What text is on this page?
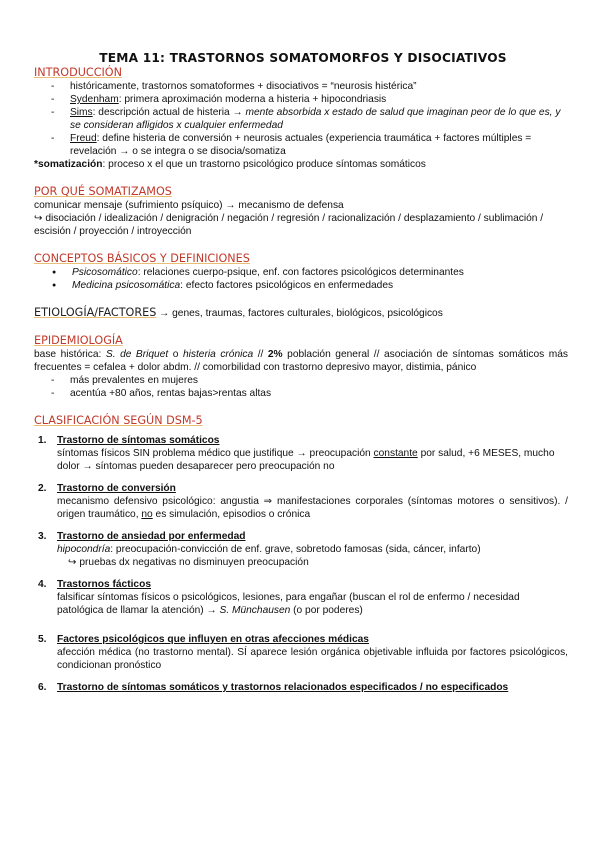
TEMA 11: TRASTORNOS SOMATOMORFOS Y DISOCIATIVOS
INTRODUCCIÓN
- históricamente, trastornos somatoformes + disociativos = “neurosis histérica”
- Sydenham: primera aproximación moderna a histeria + hipocondriasis
- Sims: descripción actual de histeria → mente absorbida x estado de salud que imaginan peor de lo que es, y se consideran afligidos x cualquier enfermedad
- Freud: define histeria de conversión + neurosis actuales (experiencia traumática + factores múltiples = revelación → o se integra o se disocia/somatiza
*somatización: proceso x el que un trastorno psicológico produce síntomas somáticos
POR QUÉ SOMATIZAMOS
comunicar mensaje (sufrimiento psíquico) → mecanismo de defensa
↪ disociación / idealización / denigración / negación / regresión / racionalización / desplazamiento / sublimación / escisión / proyección / introyección
CONCEPTOS BÁSICOS Y DEFINICIONES
● Psicosomático: relaciones cuerpo-psique, enf. con factores psicológicos determinantes
● Medicina psicosomática: efecto factores psicológicos en enfermedades
ETIOLOGÍA/FACTORES → genes, traumas, factores culturales, biológicos, psicológicos
EPIDEMIOLOGÍA
base histórica: S. de Briquet o histeria crónica // 2% población general // asociación de síntomas somáticos más frecuentes = cefalea + dolor abdm. // comorbilidad con trastorno depresivo mayor, distimia, pánico
- más prevalentes en mujeres
- acentúa +80 años, rentas bajas>rentas altas
CLASIFICACIÓN SEGÚN DSM-5
1. Trastorno de síntomas somáticos
síntomas físicos SIN problema médico que justifique → preocupación constante por salud, +6 MESES, mucho dolor → síntomas pueden desaparecer pero preocupación no
2. Trastorno de conversión
mecanismo defensivo psicológico: angustia ⇒ manifestaciones corporales (síntomas motores o sensitivos). / origen traumático, no es simulación, episodios o crónica
3. Trastorno de ansiedad por enfermedad
hipocondría: preocupación-convicción de enf. grave, sobretodo famosas (sida, cáncer, infarto)
↪ pruebas dx negativas no disminuyen preocupación
4. Trastornos fácticos
falsificar síntomas físicos o psicológicos, lesiones, para engañar (buscan el rol de enfermo / necesidad patológica de llamar la atención) → S. Münchausen (o por poderes)
5. Factores psicológicos que influyen en otras afecciones médicas
afección médica (no trastorno mental). SÍ aparece lesión orgánica objetivable influida por factores psicológicos, condicionan pronóstico
6. Trastorno de síntomas somáticos y trastornos relacionados especificados / no especificados
